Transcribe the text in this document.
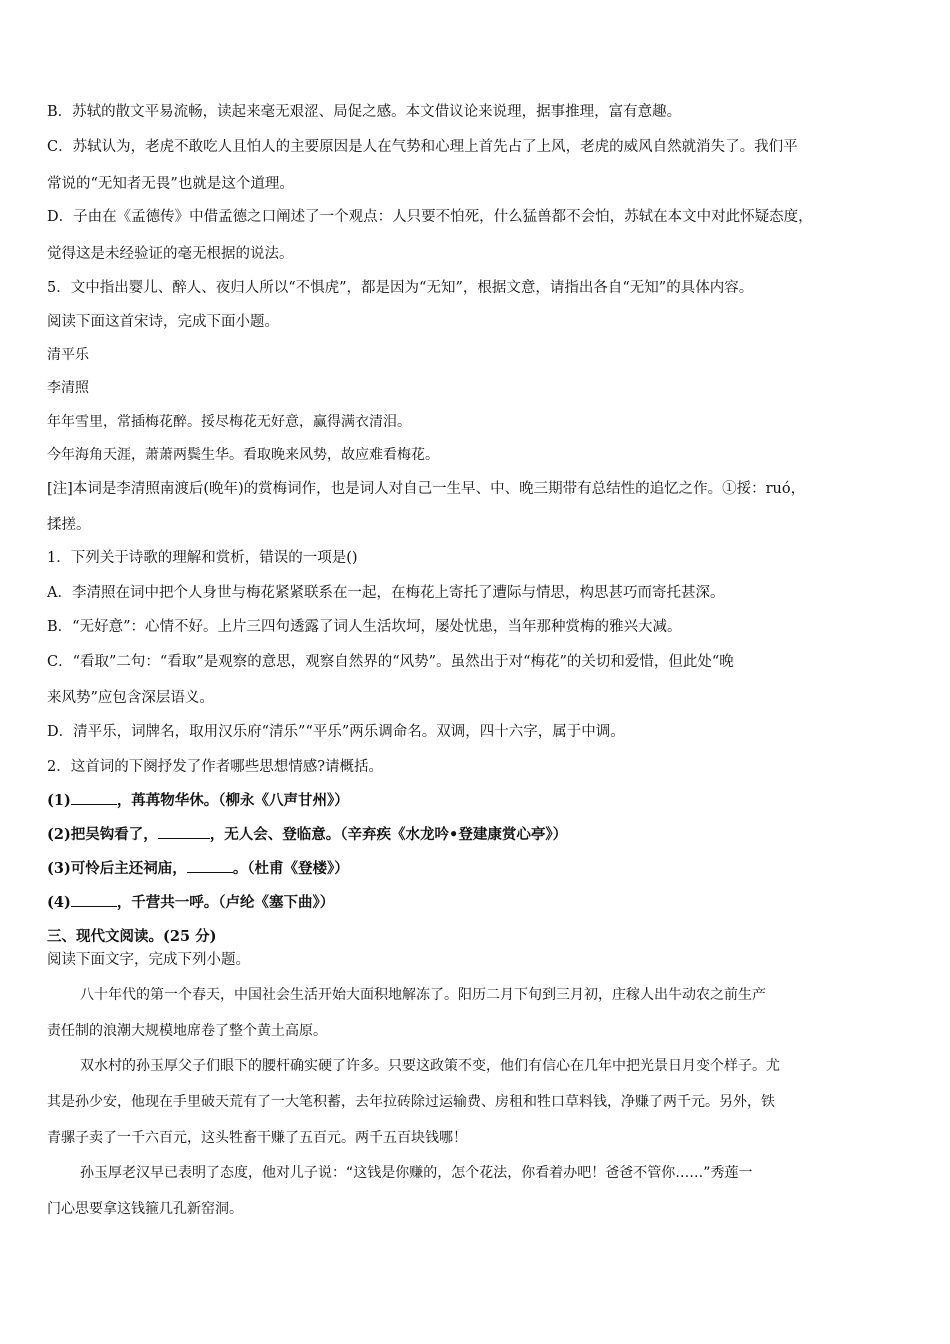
B．苏轼的散文平易流畅，读起来毫无艰涩、局促之感。本文借议论来说理，据事推理，富有意趣。
C．苏轼认为，老虎不敢吃人且怕人的主要原因是人在气势和心理上首先占了上风，老虎的威风自然就消失了。我们平
常说的“无知者无畏”也就是这个道理。
D．子由在《孟德传》中借孟德之口阐述了一个观点：人只要不怕死，什么猛兽都不会怕，苏轼在本文中对此怀疑态度，
觉得这是未经验证的毫无根据的说法。
5．文中指出婴儿、醉人、夜归人所以“不惧虎”，都是因为“无知”，根据文意，请指出各自“无知”的具体内容。
阅读下面这首宋诗，完成下面小题。
清平乐
李清照
年年雪里，常插梅花醉。挼尽梅花无好意，赢得满衣清泪。
今年海角天涯，萧萧两鬓生华。看取晚来风势，故应难看梅花。
[注]本词是李清照南渡后(晚年)的赏梅词作，也是词人对自己一生早、中、晚三期带有总结性的追忆之作。①挼：ruó，
揉搓。
1．下列关于诗歌的理解和赏析，错误的一项是()
A．李清照在词中把个人身世与梅花紧紧联系在一起，在梅花上寄托了遭际与情思，构思甚巧而寄托甚深。
B．“无好意”：心情不好。上片三四句透露了词人生活坎坷，屡处忧患，当年那种赏梅的雅兴大减。
C．“看取”二句：“看取”是观察的意思，观察自然界的“风势”。虽然出于对“梅花”的关切和爱惜，但此处“晚
来风势”应包含深层语义。
D．清平乐，词牌名，取用汉乐府“清乐”“平乐”两乐调命名。双调，四十六字，属于中调。
2．这首词的下阕抒发了作者哪些思想情感?请概括。
(1)	，苒苒物华休。（柳永《八声甘州》）
(2)把吴钩看了，	，无人会、登临意。（辛弃疾《水龙吟•登建康赏心亭》）
(3)可怜后主还祠庙，	。（杜甫《登楼》）
(4)	，千营共一呼。（卢纶《塞下曲》）
三、现代文阅读。(25 分)
阅读下面文字，完成下列小题。
八十年代的第一个春天，中国社会生活开始大面积地解冻了。阳历二月下旬到三月初，庄稼人出牛动农之前生产
责任制的浪潮大规模地席卷了整个黄土高原。
双水村的孙玉厚父子们眼下的腰杆确实硬了许多。只要这政策不变，他们有信心在几年中把光景日月变个样子。尤
其是孙少安，他现在手里破天荒有了一大笔积蓄，去年拉砖除过运输费、房租和牲口草料钱，净赚了两千元。另外，铁
青骡子卖了一千六百元，这头牲畜干赚了五百元。两千五百块钱哪！
孙玉厚老汉早已表明了态度，他对儿子说：“这钱是你赚的，怎个花法，你看着办吧！爸爸不管你……”秀莲一
门心思要拿这钱箍几孔新窑洞。
